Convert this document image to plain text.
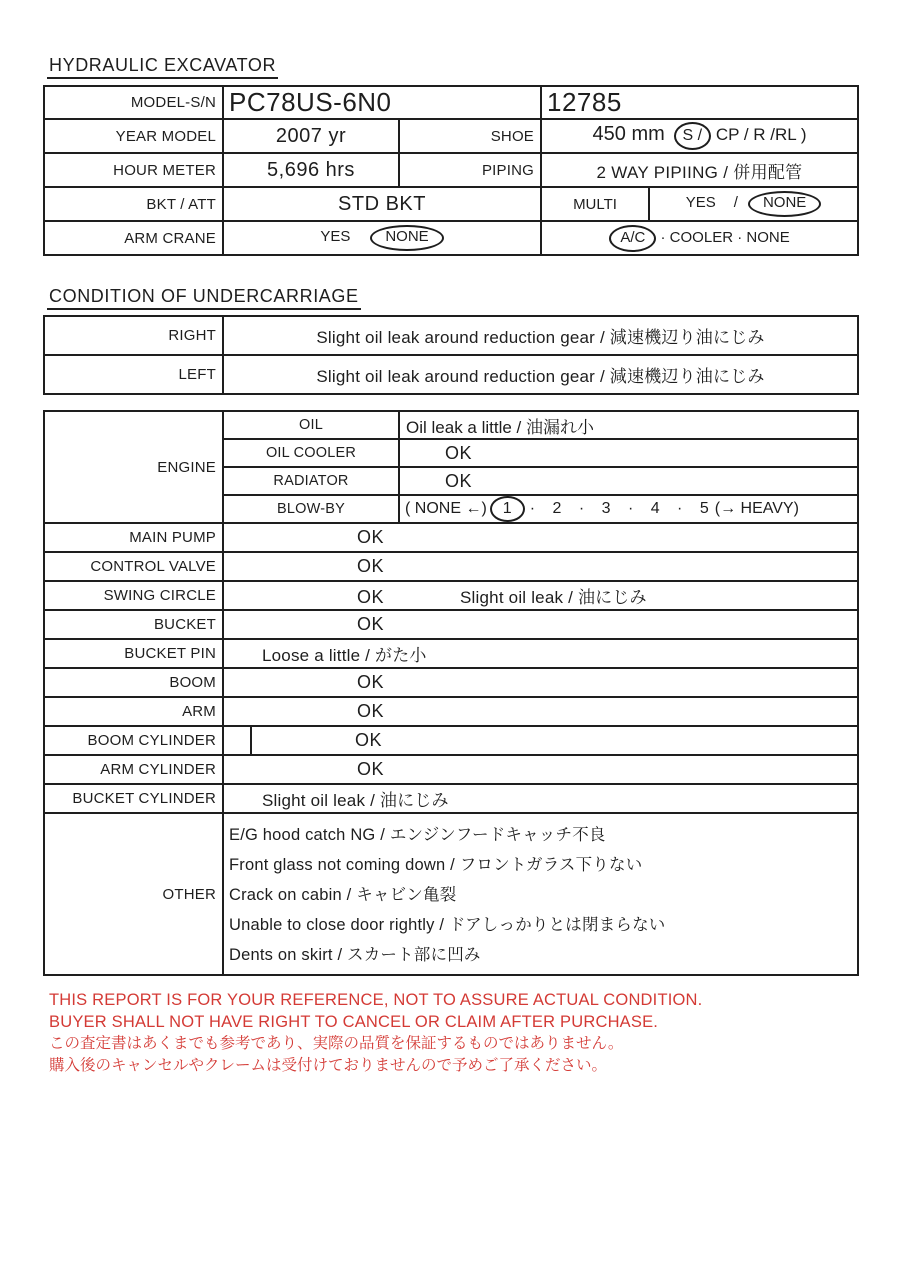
HYDRAULIC EXCAVATOR
MODEL-S/N	PC78US-6N0		12785	
YEAR MODEL	2007 yr	SHOE	450 mm S / CP / R /RL )	
HOUR METER	5,696 hrs	PIPING	2 WAY PIPIING / 併用配管	
BKT / ATT	STD BKT		MULTI	YES / NONE
ARM CRANE	YES NONE		A/C · COOLER · NONE	
CONDITION OF UNDERCARRIAGE
RIGHT	Slight oil leak around reduction gear / 減速機辺り油にじみ
LEFT	Slight oil leak around reduction gear / 減速機辺り油にじみ
ENGINE	OIL		Oil leak a little / 油漏れ小
	OIL COOLER		OK
	RADIATOR		OK
	BLOW-BY		( NONE ←) 1 · 2 · 3 · 4 · 5 (→ HEAVY)
MAIN PUMP	OK		
CONTROL VALVE	OK		
SWING CIRCLE	OK Slight oil leak / 油にじみ		
BUCKET	OK		
BUCKET PIN	Loose a little / がた小		
BOOM	OK		
ARM	OK		
BOOM CYLINDER		OK	
ARM CYLINDER	OK		
BUCKET CYLINDER	Slight oil leak / 油にじみ		
OTHER	E/G hood catch NG / エンジンフードキャッチ不良
Front glass not coming down / フロントガラス下りない
Crack on cabin / キャビン亀裂
Unable to close door rightly / ドアしっかりとは閉まらない
Dents on skirt / スカート部に凹み		
THIS REPORT IS FOR YOUR REFERENCE, NOT TO ASSURE ACTUAL CONDITION.
BUYER SHALL NOT HAVE RIGHT TO CANCEL OR CLAIM AFTER PURCHASE.
この査定書はあくまでも参考であり、実際の品質を保証するものではありません。
購入後のキャンセルやクレームは受付けておりませんので予めご了承ください。
